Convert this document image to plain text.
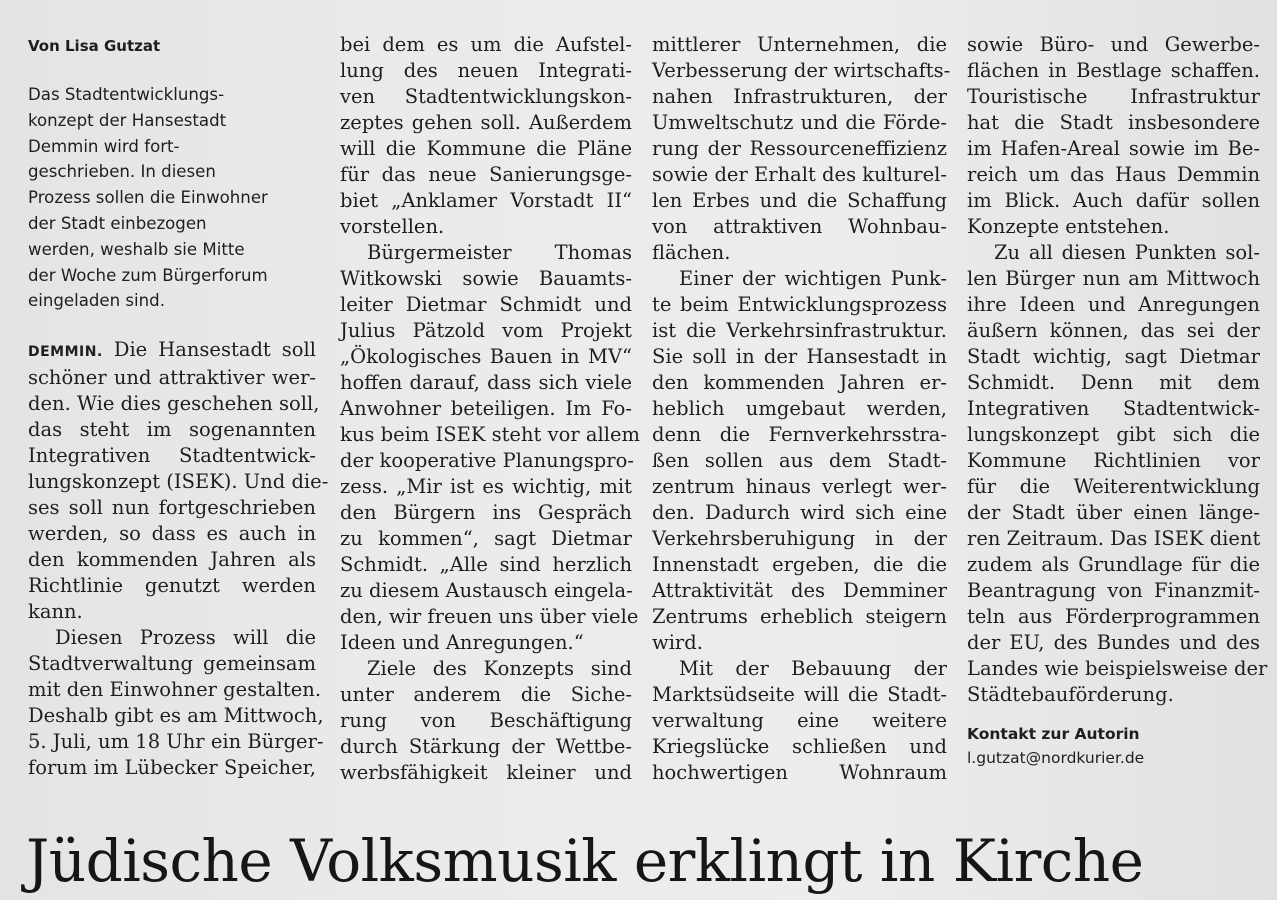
Von Lisa Gutzat
Das Stadtentwicklungs-
konzept der Hansestadt
Demmin wird fort-
geschrieben. In diesen
Prozess sollen die Einwohner
der Stadt einbezogen
werden, weshalb sie Mitte
der Woche zum Bürgerforum
eingeladen sind.
DEMMIN. Die Hansestadt soll
schöner und attraktiver wer-
den. Wie dies geschehen soll,
das steht im sogenannten
Integrativen Stadtentwick-
lungskonzept (ISEK). Und die-
ses soll nun fortgeschrieben
werden, so dass es auch in
den kommenden Jahren als
Richtlinie genutzt werden
kann.
Diesen Prozess will die
Stadtverwaltung gemeinsam
mit den Einwohner gestalten.
Deshalb gibt es am Mittwoch,
5. Juli, um 18 Uhr ein Bürger-
forum im Lübecker Speicher,
bei dem es um die Aufstel-
lung des neuen Integrati-
ven Stadtentwicklungskon-
zeptes gehen soll. Außerdem
will die Kommune die Pläne
für das neue Sanierungsge-
biet „Anklamer Vorstadt II“
vorstellen.
Bürgermeister Thomas
Witkowski sowie Bauamts-
leiter Dietmar Schmidt und
Julius Pätzold vom Projekt
„Ökologisches Bauen in MV“
hoffen darauf, dass sich viele
Anwohner beteiligen. Im Fo-
kus beim ISEK steht vor allem
der kooperative Planungspro-
zess. „Mir ist es wichtig, mit
den Bürgern ins Gespräch
zu kommen“, sagt Dietmar
Schmidt. „Alle sind herzlich
zu diesem Austausch eingela-
den, wir freuen uns über viele
Ideen und Anregungen.“
Ziele des Konzepts sind
unter anderem die Siche-
rung von Beschäftigung
durch Stärkung der Wettbe-
werbsfähigkeit kleiner und
mittlerer Unternehmen, die
Verbesserung der wirtschafts-
nahen Infrastrukturen, der
Umweltschutz und die Förde-
rung der Ressourceneffizienz
sowie der Erhalt des kulturel-
len Erbes und die Schaffung
von attraktiven Wohnbau-
flächen.
Einer der wichtigen Punk-
te beim Entwicklungsprozess
ist die Verkehrsinfrastruktur.
Sie soll in der Hansestadt in
den kommenden Jahren er-
heblich umgebaut werden,
denn die Fernverkehrsstra-
ßen sollen aus dem Stadt-
zentrum hinaus verlegt wer-
den. Dadurch wird sich eine
Verkehrsberuhigung in der
Innenstadt ergeben, die die
Attraktivität des Demminer
Zentrums erheblich steigern
wird.
Mit der Bebauung der
Marktsüdseite will die Stadt-
verwaltung eine weitere
Kriegslücke schließen und
hochwertigen Wohnraum
sowie Büro- und Gewerbe-
flächen in Bestlage schaffen.
Touristische Infrastruktur
hat die Stadt insbesondere
im Hafen-Areal sowie im Be-
reich um das Haus Demmin
im Blick. Auch dafür sollen
Konzepte entstehen.
Zu all diesen Punkten sol-
len Bürger nun am Mittwoch
ihre Ideen und Anregungen
äußern können, das sei der
Stadt wichtig, sagt Dietmar
Schmidt. Denn mit dem
Integrativen Stadtentwick-
lungskonzept gibt sich die
Kommune Richtlinien vor
für die Weiterentwicklung
der Stadt über einen länge-
ren Zeitraum. Das ISEK dient
zudem als Grundlage für die
Beantragung von Finanzmit-
teln aus Förderprogrammen
der EU, des Bundes und des
Landes wie beispielsweise der
Städtebauförderung.
Kontakt zur Autorin
l.gutzat@nordkurier.de
Jüdische Volksmusik erklingt in Kirche
